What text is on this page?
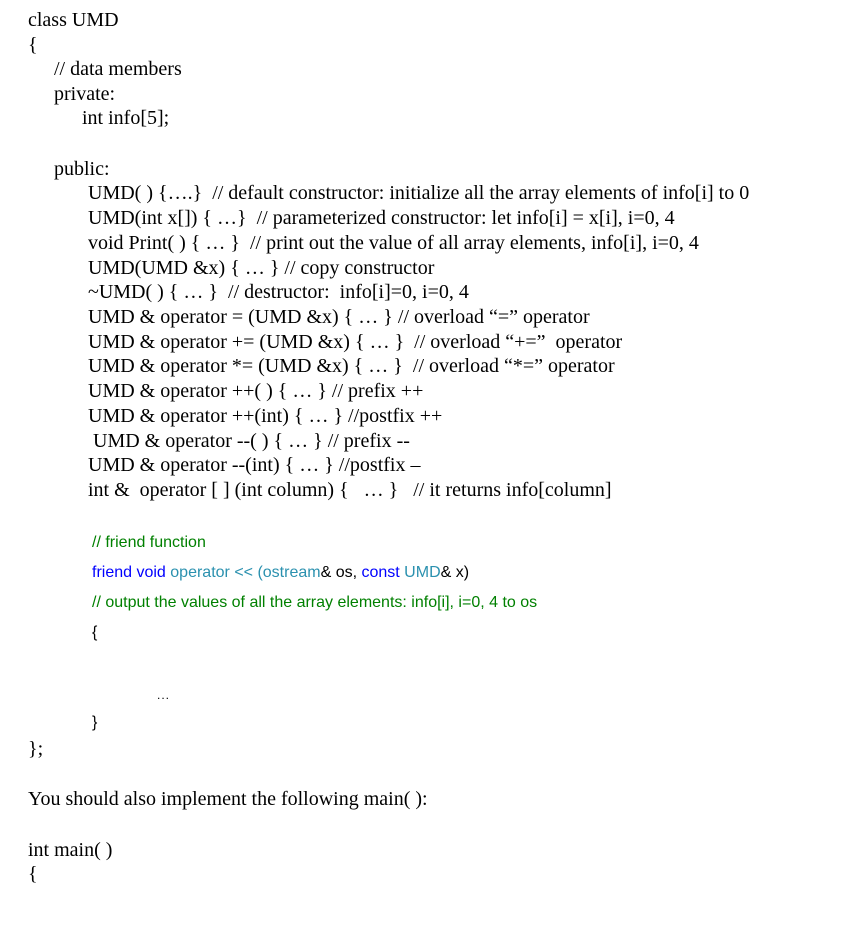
class UMD
{
// data members
private:
int info[5];
public:
UMD( ) {….}  // default constructor: initialize all the array elements of info[i] to 0
UMD(int x[]) { …}  // parameterized constructor: let info[i] = x[i], i=0, 4
void Print( ) { … }  // print out the value of all array elements, info[i], i=0, 4
UMD(UMD &x) { … } // copy constructor
~UMD( ) { … }  // destructor:  info[i]=0, i=0, 4
UMD & operator = (UMD &x) { … } // overload “=” operator
UMD & operator += (UMD &x) { … }  // overload “+=”  operator
UMD & operator *= (UMD &x) { … }  // overload “*=” operator
UMD & operator ++( ) { … } // prefix ++
UMD & operator ++(int) { … } //postfix ++
UMD & operator --( ) { … } // prefix --
UMD & operator --(int) { … } //postfix –
int &  operator [ ] (int column) {   … }   // it returns info[column]
// friend function
friend void operator << (ostream& os, const UMD& x)
// output the values of all the array elements: info[i], i=0, 4 to os
{
...
}
};
You should also implement the following main( ):
int main( )
{
